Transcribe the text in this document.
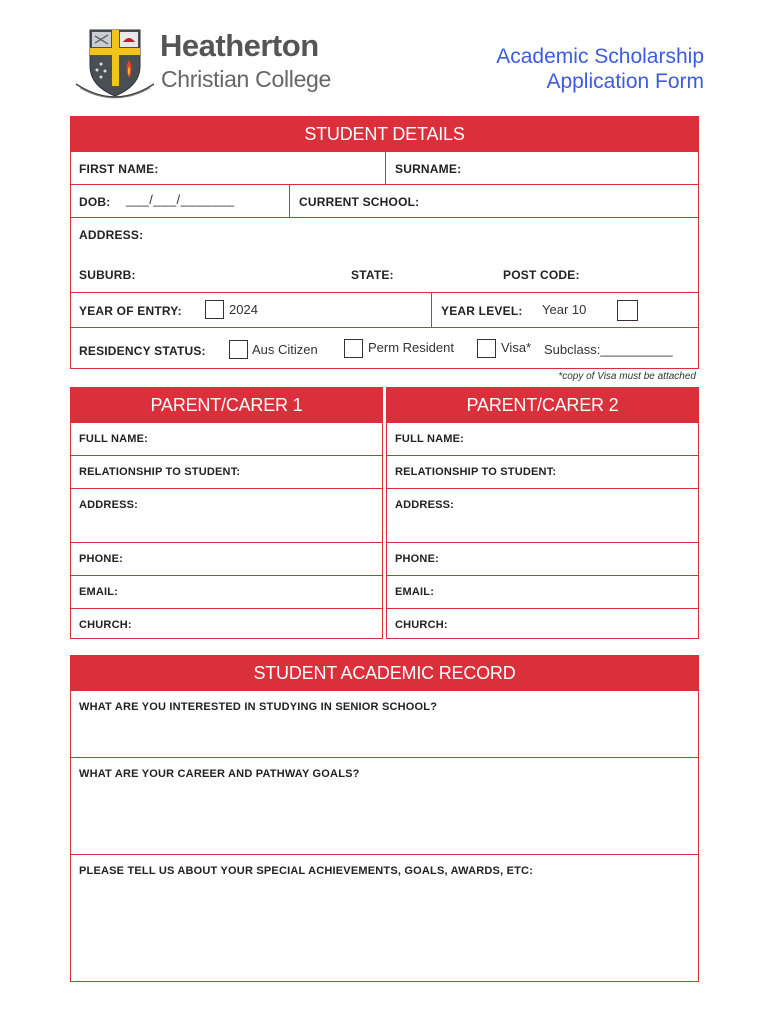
Heatherton
Christian College
Academic Scholarship
Application Form
STUDENT DETAILS
FIRST NAME:	SURNAME:
DOB: ___/___/_______	CURRENT SCHOOL:
ADDRESS:
SUBURB:	STATE:	POST CODE:
YEAR OF ENTRY:	2024	YEAR LEVEL: Year 10
RESIDENCY STATUS:	Aus Citizen	Perm Resident	Visa* Subclass:__________
*copy of Visa must be attached
PARENT/CARER 1
FULL NAME:
RELATIONSHIP TO STUDENT:
ADDRESS:
PHONE:
EMAIL:
CHURCH:
PARENT/CARER 2
FULL NAME:
RELATIONSHIP TO STUDENT:
ADDRESS:
PHONE:
EMAIL:
CHURCH:
STUDENT ACADEMIC RECORD
WHAT ARE YOU INTERESTED IN STUDYING IN SENIOR SCHOOL?
WHAT ARE YOUR CAREER AND PATHWAY GOALS?
PLEASE TELL US ABOUT YOUR SPECIAL ACHIEVEMENTS, GOALS, AWARDS, ETC:
